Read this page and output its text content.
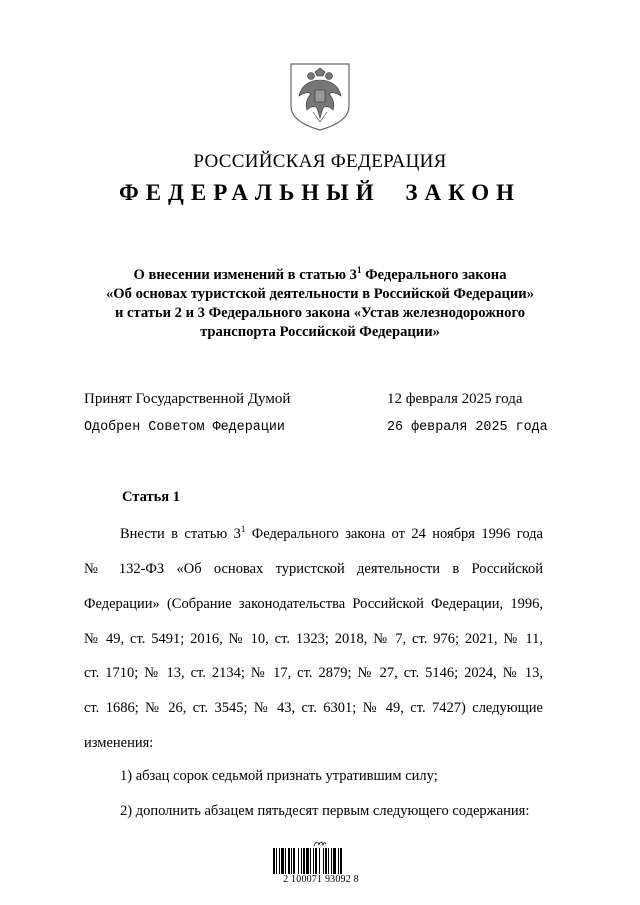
РОССИЙСКАЯ ФЕДЕРАЦИЯ
ФЕДЕРАЛЬНЫЙ ЗАКОН
О внесении изменений в статью $3^1$ Федерального закона
«Об основах туристской деятельности в Российской Федерации»
и статьи 2 и 3 Федерального закона «Устав железнодорожного
транспорта Российской Федерации»
Принят Государственной Думой	12 февраля 2025 года
Одобрен Советом Федерации	26 февраля 2025 года
Статья 1
Внести в статью $3^1$ Федерального закона от 24 ноября 1996 года
№ 132-ФЗ «Об основах туристской деятельности в Российской
Федерации» (Собрание законодательства Российской Федерации, 1996,
№ 49, ст. 5491; 2016, № 10, ст. 1323; 2018, № 7, ст. 976; 2021, № 11,
ст. 1710; № 13, ст. 2134; № 17, ст. 2879; № 27, ст. 5146; 2024, № 13,
ст. 1686; № 26, ст. 3545; № 43, ст. 6301; № 49, ст. 7427) следующие
изменения:
1) абзац сорок седьмой признать утратившим силу;
2) дополнить абзацем пятьдесят первым следующего содержания:
2 100071 93092 8
